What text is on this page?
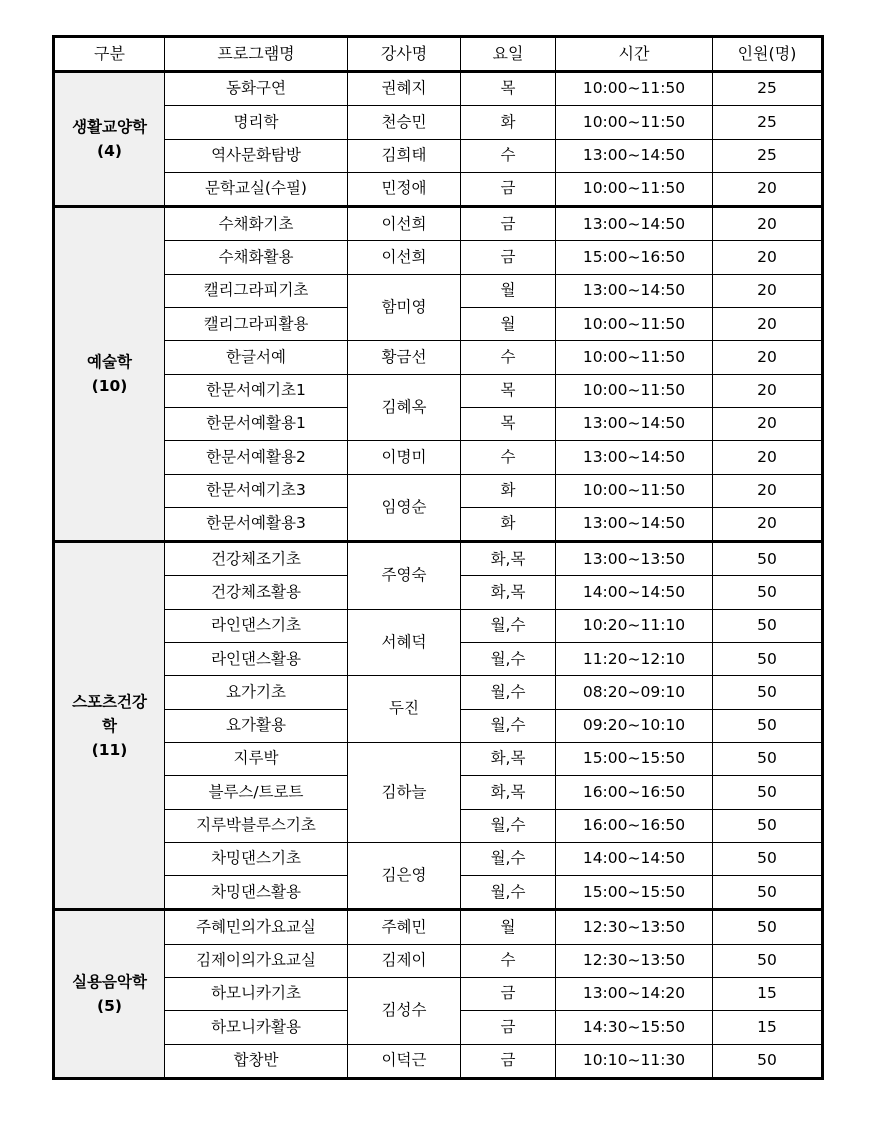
구분	프로그램명	강사명	요일	시간	인원(명)

생활교양학
(4)	동화구연	권혜지	목	10:00~11:50	25
	명리학	천승민	화	10:00~11:50	25
	역사문화탐방	김희태	수	13:00~14:50	25
	문학교실(수필)	민정애	금	10:00~11:50	20

예술학
(10)	수채화기초	이선희	금	13:00~14:50	20
	수채화활용	이선희	금	15:00~16:50	20
	캘리그라피기초	함미영	월	13:00~14:50	20
	캘리그라피활용		월	10:00~11:50	20
	한글서예	황금선	수	10:00~11:50	20
	한문서예기초1	김혜옥	목	10:00~11:50	20
	한문서예활용1		목	13:00~14:50	20
	한문서예활용2	이명미	수	13:00~14:50	20
	한문서예기초3	임영순	화	10:00~11:50	20
	한문서예활용3		화	13:00~14:50	20

스포츠건강
학
(11)	건강체조기초	주영숙	화,목	13:00~13:50	50
	건강체조활용		화,목	14:00~14:50	50
	라인댄스기초	서혜덕	월,수	10:20~11:10	50
	라인댄스활용		월,수	11:20~12:10	50
	요가기초	두진	월,수	08:20~09:10	50
	요가활용		월,수	09:20~10:10	50
	지루박	김하늘	화,목	15:00~15:50	50
	블루스/트로트		화,목	16:00~16:50	50
	지루박블루스기초		월,수	16:00~16:50	50
	차밍댄스기초	김은영	월,수	14:00~14:50	50
	차밍댄스활용		월,수	15:00~15:50	50

실용음악학
(5)	주혜민의가요교실	주혜민	월	12:30~13:50	50
	김제이의가요교실	김제이	수	12:30~13:50	50
	하모니카기초	김성수	금	13:00~14:20	15
	하모니카활용		금	14:30~15:50	15
	합창반	이덕근	금	10:10~11:30	50
